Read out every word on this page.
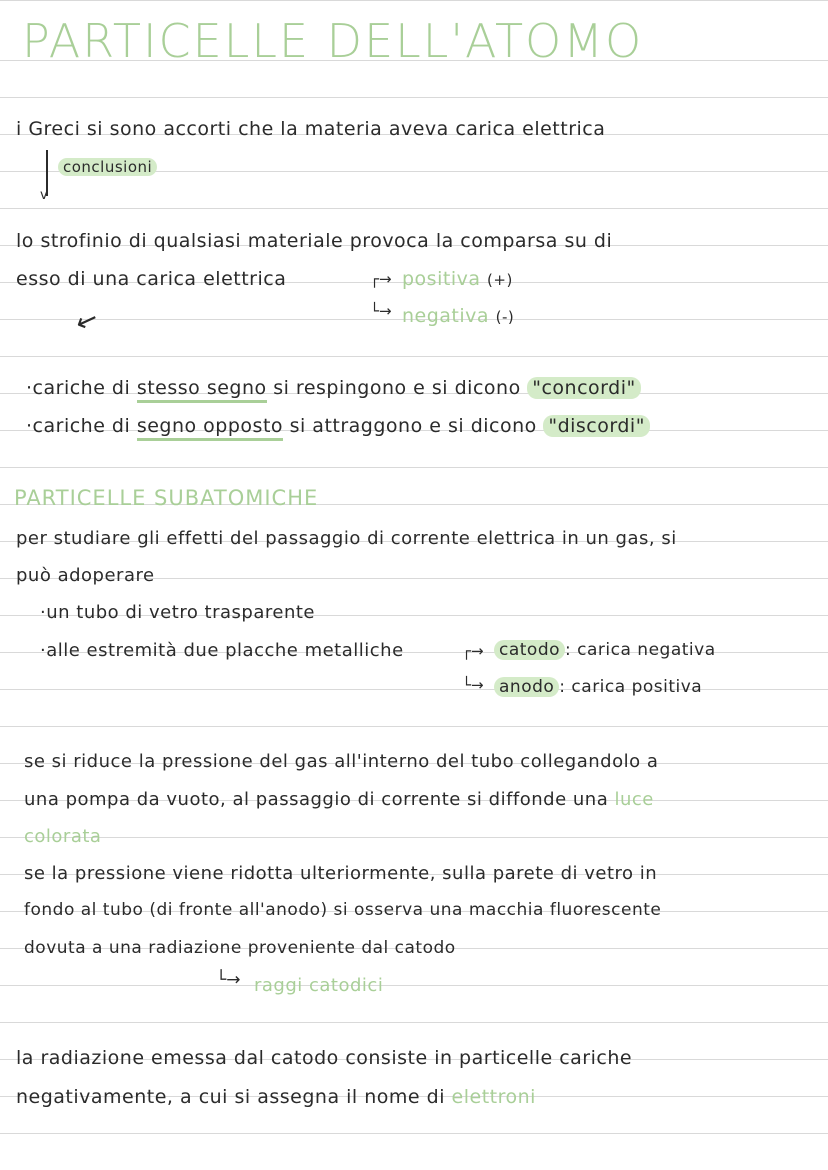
PARTICELLE DELL'ATOMO
i Greci si sono accorti che la materia aveva carica elettrica
v
conclusioni
lo strofinio di qualsiasi materiale provoca la comparsa su di
esso di una carica elettrica	┌→
└→
positiva (+)
negativa (-)
↙
·cariche di stesso segno si respingono e si dicono "concordi"
·cariche di segno opposto si attraggono e si dicono "discordi"
PARTICELLE SUBATOMICHE
per studiare gli effetti del passaggio di corrente elettrica in un gas, si
può adoperare
·un tubo di vetro trasparente
·alle estremità due placche metalliche	┌→
└→
catodo : carica negativa
anodo : carica positiva
se si riduce la pressione del gas all'interno del tubo collegandolo a
una pompa da vuoto, al passaggio di corrente si diffonde una luce
colorata
se la pressione viene ridotta ulteriormente, sulla parete di vetro in
fondo al tubo (di fronte all'anodo) si osserva una macchia fluorescente
dovuta a una radiazione proveniente dal catodo
└→ raggi catodici
la radiazione emessa dal catodo consiste in particelle cariche
negativamente, a cui si assegna il nome di elettroni
